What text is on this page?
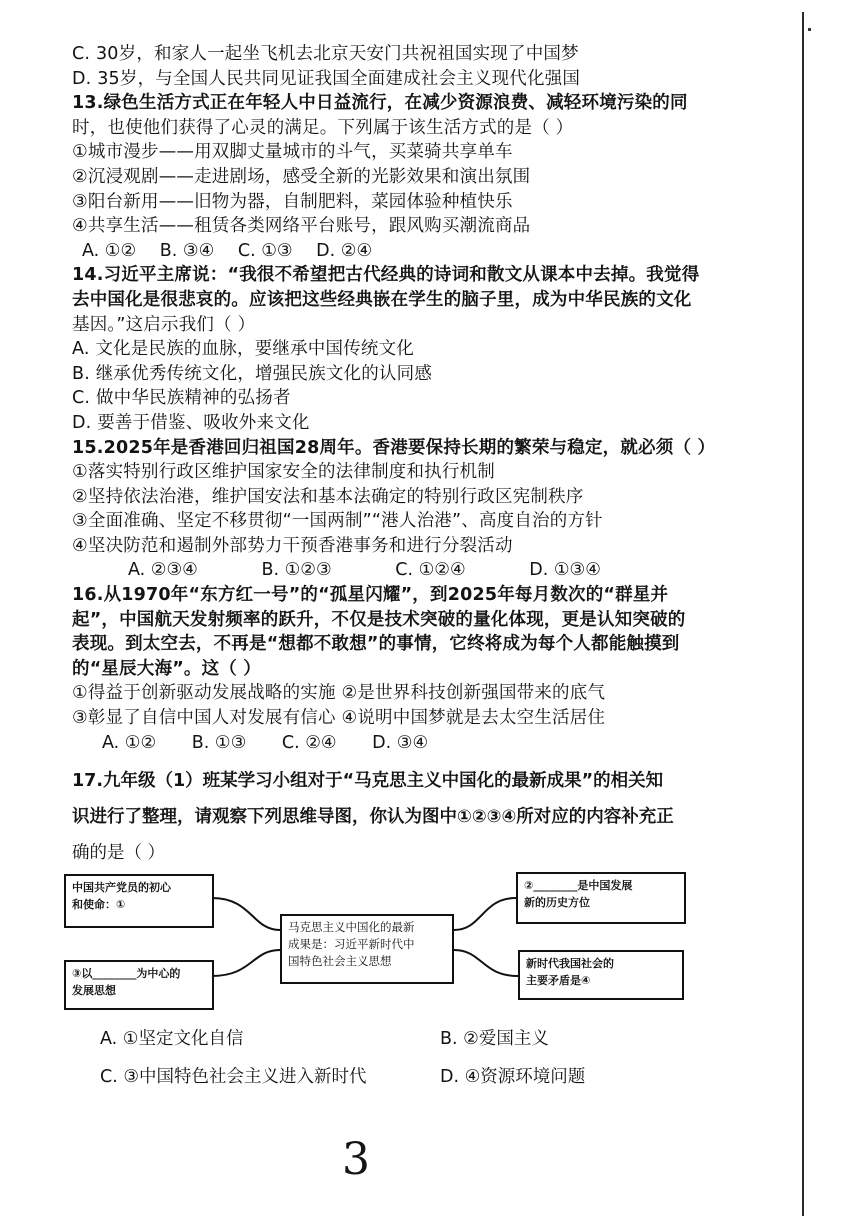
C. 30岁，和家人一起坐飞机去北京天安门共祝祖国实现了中国梦
D. 35岁，与全国人民共同见证我国全面建成社会主义现代化强国
13.绿色生活方式正在年轻人中日益流行，在减少资源浪费、减轻环境污染的同
时，也使他们获得了心灵的满足。下列属于该生活方式的是（ ）
①城市漫步——用双脚丈量城市的斗气，买菜骑共享单车
②沉浸观剧——走进剧场，感受全新的光影效果和演出氛围
③阳台新用——旧物为器，自制肥料，菜园体验种植快乐
④共享生活——租赁各类网络平台账号，跟风购买潮流商品
A. ①② B. ③④ C. ①③ D. ②④
14.习近平主席说：“我很不希望把古代经典的诗词和散文从课本中去掉。我觉得
去中国化是很悲哀的。应该把这些经典嵌在学生的脑子里，成为中华民族的文化
基因。”这启示我们（ ）
A. 文化是民族的血脉，要继承中国传统文化
B. 继承优秀传统文化，增强民族文化的认同感
C. 做中华民族精神的弘扬者
D. 要善于借鉴、吸收外来文化
15.2025年是香港回归祖国28周年。香港要保持长期的繁荣与稳定，就必须（ ）
①落实特别行政区维护国家安全的法律制度和执行机制
②坚持依法治港，维护国安法和基本法确定的特别行政区宪制秩序
③全面准确、坚定不移贯彻“一国两制”“港人治港”、高度自治的方针
④坚决防范和遏制外部势力干预香港事务和进行分裂活动
A. ②③④	B. ①②③	C. ①②④	D. ①③④
16.从1970年“东方红一号”的“孤星闪耀”，到2025年每月数次的“群星并
起”，中国航天发射频率的跃升，不仅是技术突破的量化体现，更是认知突破的
表现。到太空去，不再是“想都不敢想”的事情，它终将成为每个人都能触摸到
的“星辰大海”。这（ ）
①得益于创新驱动发展战略的实施 ②是世界科技创新强国带来的底气
③彰显了自信中国人对发展有信心 ④说明中国梦就是去太空生活居住
A. ①② B. ①③ C. ②④ D. ③④
17.九年级（1）班某学习小组对于“马克思主义中国化的最新成果”的相关知
识进行了整理，请观察下列思维导图，你认为图中①②③④所对应的内容补充正
确的是（ ）
中国共产党员的初心
和使命：①
③以________为中心的
发展思想
马克思主义中国化的最新
成果是：习近平新时代中
国特色社会主义思想
②________是中国发展
新的历史方位
新时代我国社会的
主要矛盾是④
A. ①坚定文化自信	B. ②爱国主义
C. ③中国特色社会主义进入新时代	D. ④资源环境问题
3
